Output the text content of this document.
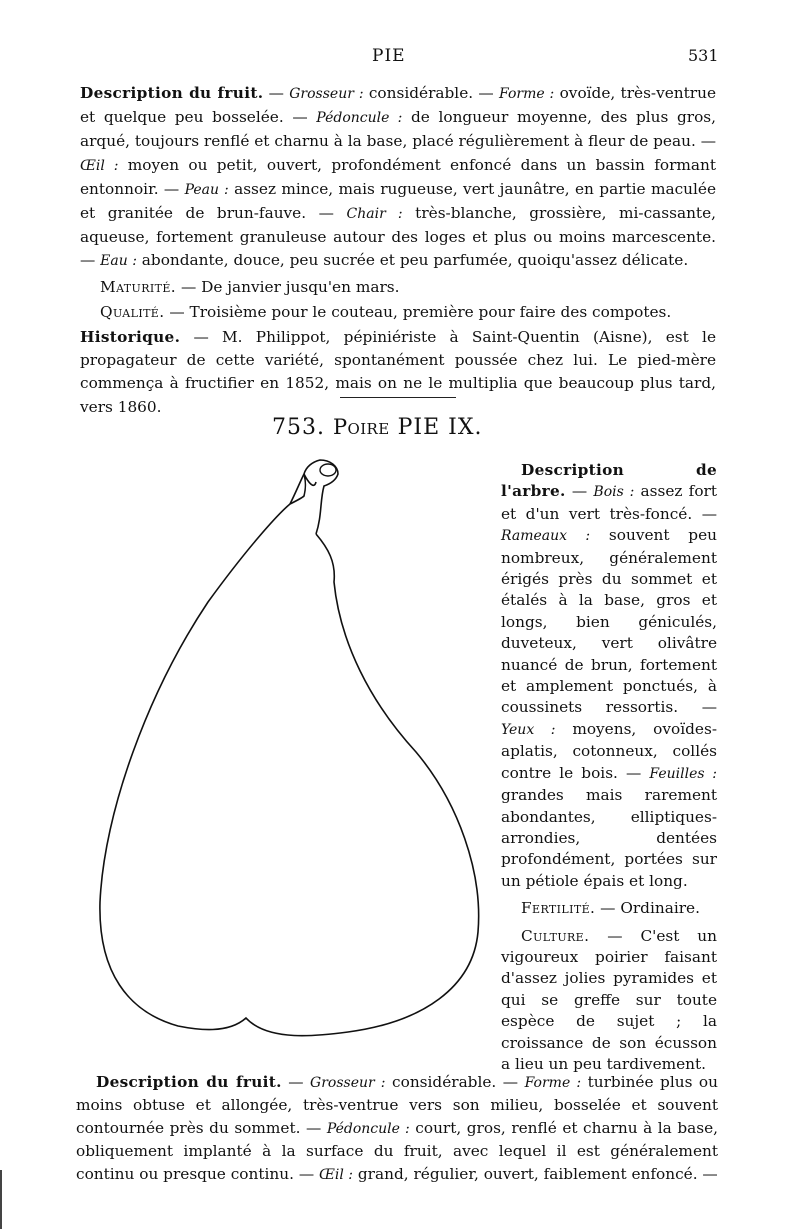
PIE	531

Description du fruit. — Grosseur : considérable. — Forme : ovoïde, très-ventrue et quelque peu bosselée. — Pédoncule : de longueur moyenne, des plus gros, arqué, toujours renflé et charnu à la base, placé régulièrement à fleur de peau. — Œil : moyen ou petit, ouvert, profondément enfoncé dans un bassin formant entonnoir. — Peau : assez mince, mais rugueuse, vert jaunâtre, en partie maculée et granitée de brun-fauve. — Chair : très-blanche, grossière, mi-cassante, aqueuse, fortement granuleuse autour des loges et plus ou moins marcescente. — Eau : abondante, douce, peu sucrée et peu parfumée, quoiqu'assez délicate.

Maturité. — De janvier jusqu'en mars.

Qualité. — Troisième pour le couteau, première pour faire des compotes.

Historique. — M. Philippot, pépiniériste à Saint-Quentin (Aisne), est le propagateur de cette variété, spontanément poussée chez lui. Le pied-mère commença à fructifier en 1852, mais on ne le multiplia que beaucoup plus tard, vers 1860.

753. Poire PIE IX.

Description de l'arbre. — Bois : assez fort et d'un vert très-foncé. — Rameaux : souvent peu nombreux, généralement érigés près du sommet et étalés à la base, gros et longs, bien géniculés, duveteux, vert olivâtre nuancé de brun, fortement et amplement ponctués, à coussinets ressortis. — Yeux : moyens, ovoïdes-aplatis, cotonneux, collés contre le bois. — Feuilles : grandes mais rarement abondantes, elliptiques-arrondies, dentées profondément, portées sur un pétiole épais et long.

Fertilité. — Ordinaire.

Culture. — C'est un vigoureux poirier faisant d'assez jolies pyramides et qui se greffe sur toute espèce de sujet ; la croissance de son écusson a lieu un peu tardivement.

Description du fruit. — Grosseur : considérable. — Forme : turbinée plus ou moins obtuse et allongée, très-ventrue vers son milieu, bosselée et souvent contournée près du sommet. — Pédoncule : court, gros, renflé et charnu à la base, obliquement implanté à la surface du fruit, avec lequel il est généralement continu ou presque continu. — Œil : grand, régulier, ouvert, faiblement enfoncé. —
